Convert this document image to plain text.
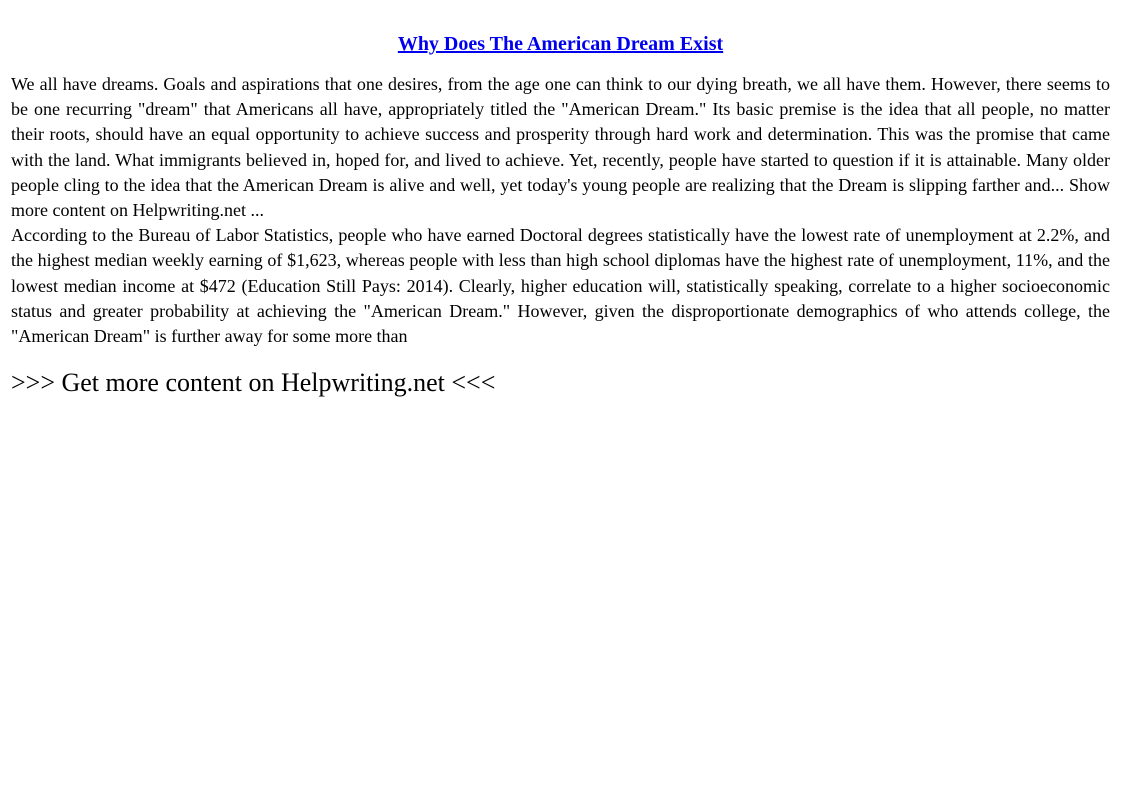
Why Does The American Dream Exist

We all have dreams. Goals and aspirations that one desires, from the age one can think to our dying breath, we all have them. However, there seems to be one recurring "dream" that Americans all have, appropriately titled the "American Dream." Its basic premise is the idea that all people, no matter their roots, should have an equal opportunity to achieve success and prosperity through hard work and determination. This was the promise that came with the land. What immigrants believed in, hoped for, and lived to achieve. Yet, recently, people have started to question if it is attainable. Many older people cling to the idea that the American Dream is alive and well, yet today's young people are realizing that the Dream is slipping farther and... Show more content on Helpwriting.net ...

According to the Bureau of Labor Statistics, people who have earned Doctoral degrees statistically have the lowest rate of unemployment at 2.2%, and the highest median weekly earning of $1,623, whereas people with less than high school diplomas have the highest rate of unemployment, 11%, and the lowest median income at $472 (Education Still Pays: 2014). Clearly, higher education will, statistically speaking, correlate to a higher socioeconomic status and greater probability at achieving the "American Dream." However, given the disproportionate demographics of who attends college, the "American Dream" is further away for some more than

>>> Get more content on Helpwriting.net <<<
